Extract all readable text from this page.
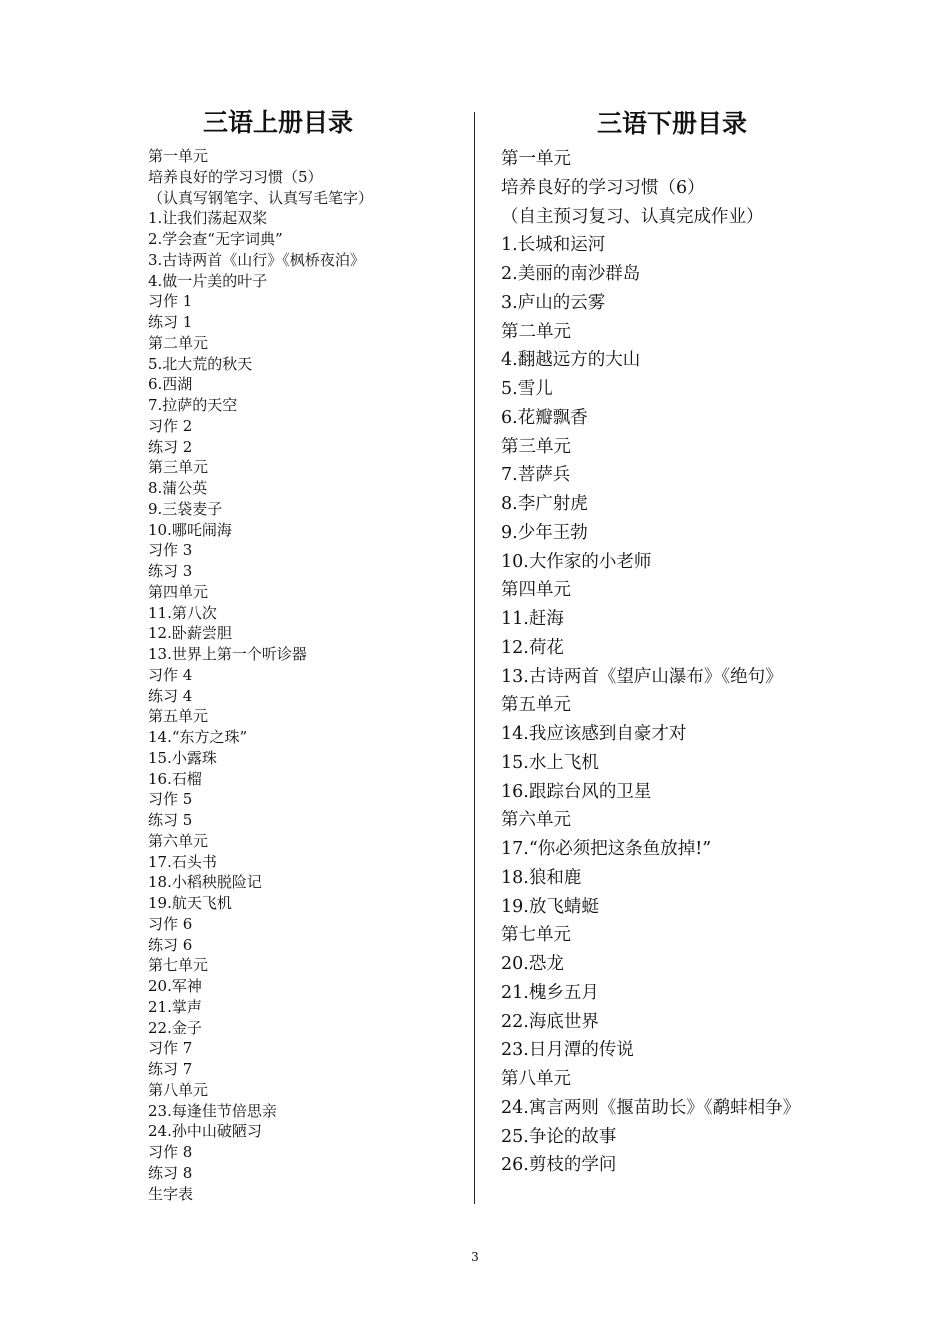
三语上册目录
第一单元
培养良好的学习习惯（5）
（认真写钢笔字、认真写毛笔字）
1.让我们荡起双桨
2.学会查“无字词典”
3.古诗两首《山行》《枫桥夜泊》
4.做一片美的叶子
习作 1
练习 1
第二单元
5.北大荒的秋天
6.西湖
7.拉萨的天空
习作 2
练习 2
第三单元
8.蒲公英
9.三袋麦子
10.哪吒闹海
习作 3
练习 3
第四单元
11.第八次
12.卧薪尝胆
13.世界上第一个听诊器
习作 4
练习 4
第五单元
14.“东方之珠”
15.小露珠
16.石榴
习作 5
练习 5
第六单元
17.石头书
18.小稻秧脱险记
19.航天飞机
习作 6
练习 6
第七单元
20.军神
21.掌声
22.金子
习作 7
练习 7
第八单元
23.每逢佳节倍思亲
24.孙中山破陋习
习作 8
练习 8
生字表
三语下册目录
第一单元
培养良好的学习习惯（6）
（自主预习复习、认真完成作业）
1.长城和运河
2.美丽的南沙群岛
3.庐山的云雾
第二单元
4.翻越远方的大山
5.雪儿
6.花瓣飘香
第三单元
7.菩萨兵
8.李广射虎
9.少年王勃
10.大作家的小老师
第四单元
11.赶海
12.荷花
13.古诗两首《望庐山瀑布》《绝句》
第五单元
14.我应该感到自豪才对
15.水上飞机
16.跟踪台风的卫星
第六单元
17.“你必须把这条鱼放掉!”
18.狼和鹿
19.放飞蜻蜓
第七单元
20.恐龙
21.槐乡五月
22.海底世界
23.日月潭的传说
第八单元
24.寓言两则《揠苗助长》《鹬蚌相争》
25.争论的故事
26.剪枝的学问
3
